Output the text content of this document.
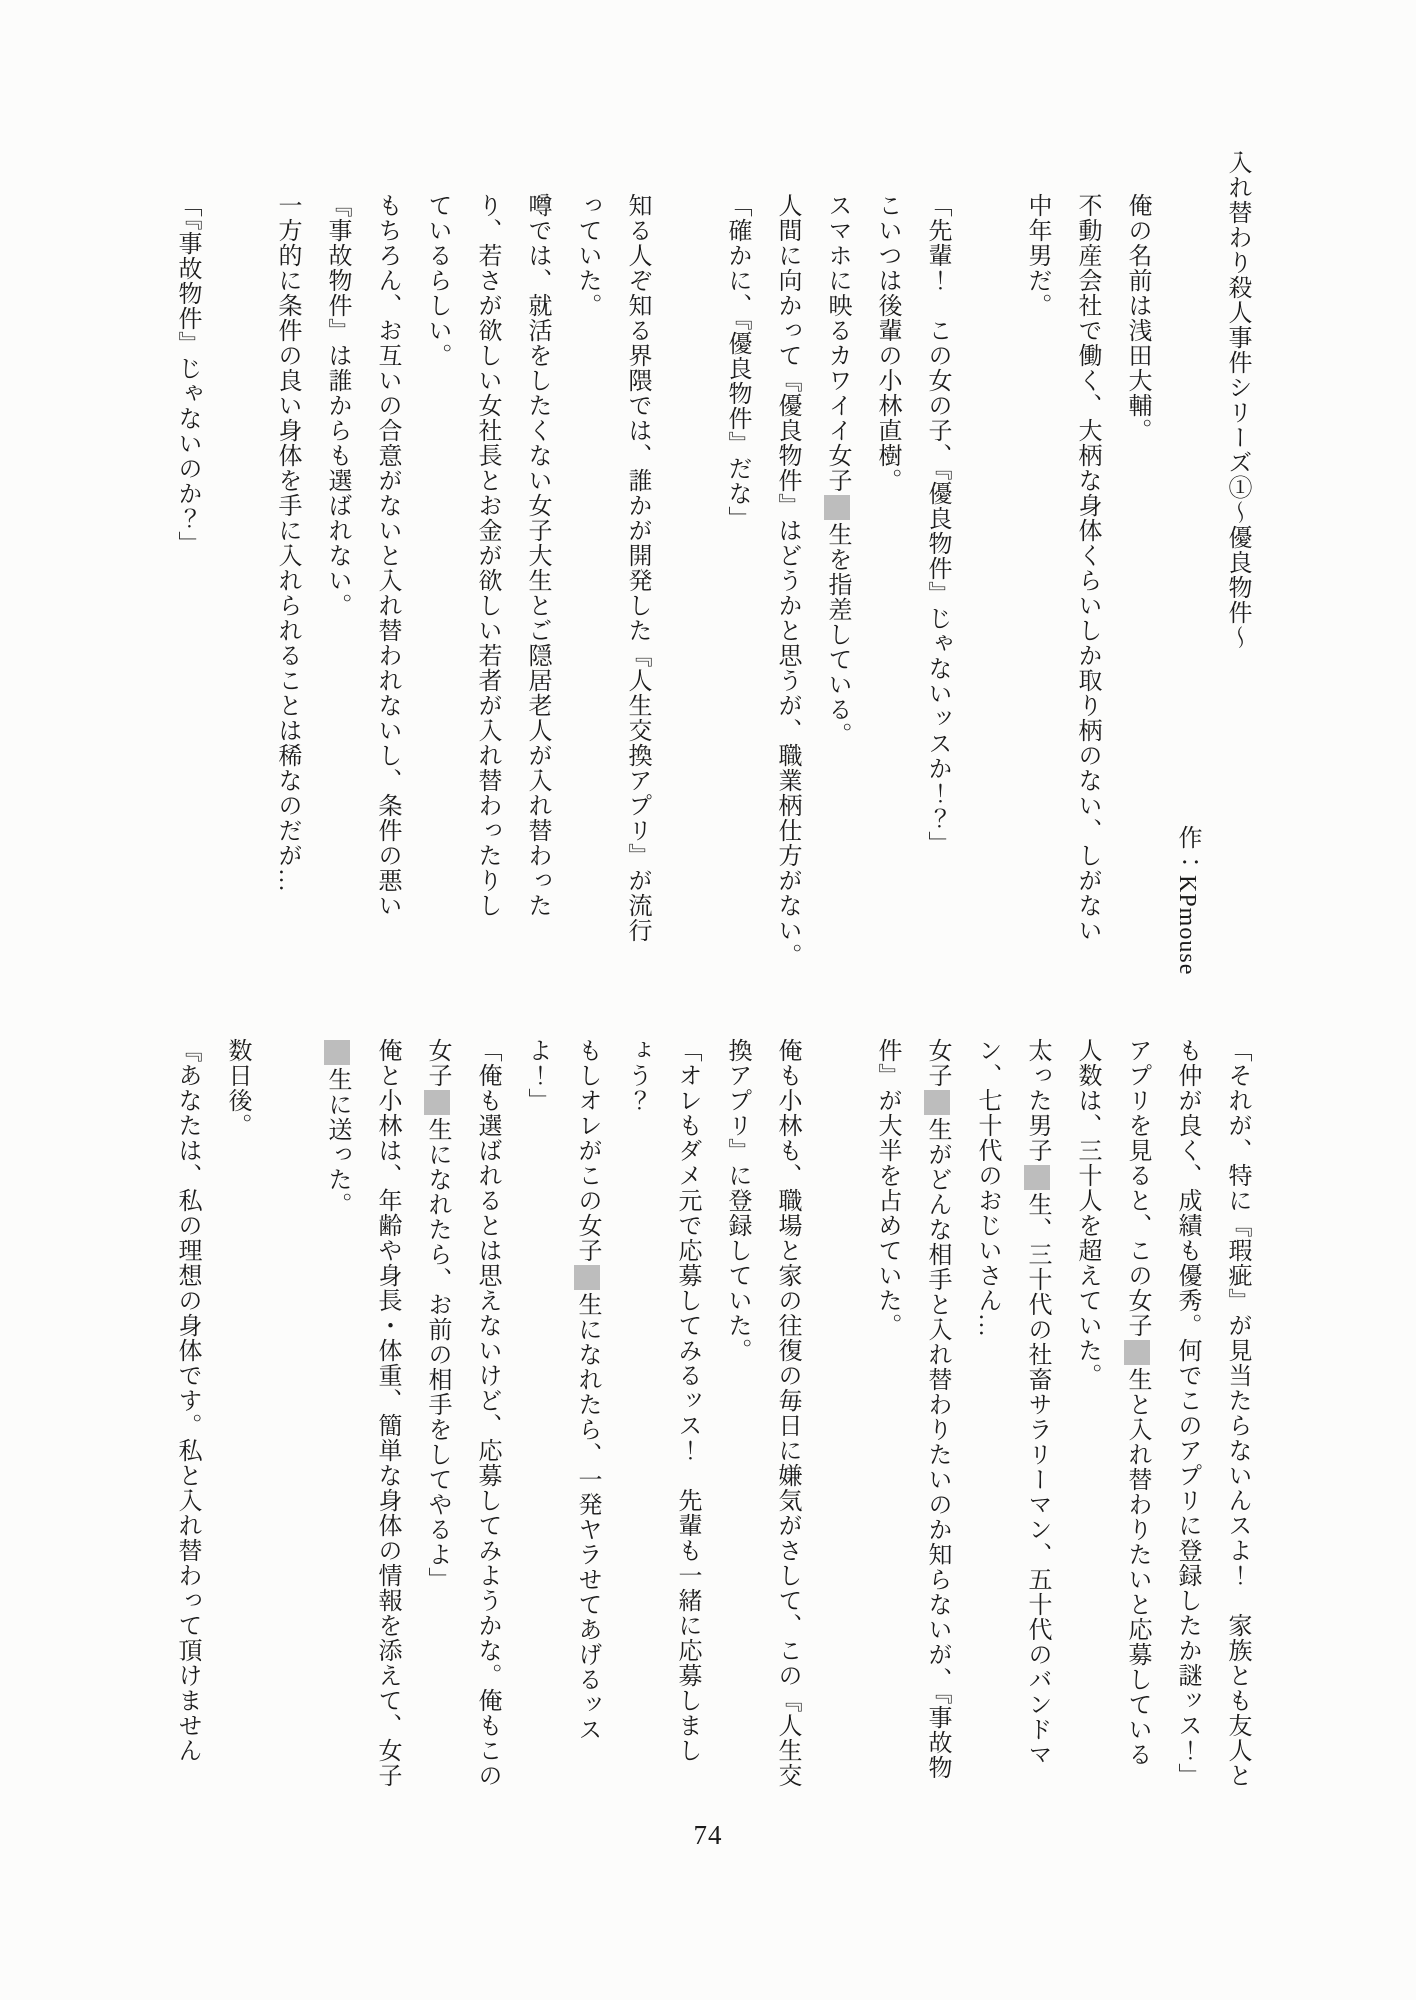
入れ替わり殺人事件シリーズ①～優良物件～
作：KPmouse
俺の名前は浅田大輔。
不動産会社で働く、大柄な身体くらいしか取り柄のない、しがない
中年男だ。
「先輩！　この女の子、『優良物件』じゃないッスか！？」
こいつは後輩の小林直樹。
スマホに映るカワイイ女子生を指差している。
人間に向かって『優良物件』はどうかと思うが、職業柄仕方がない。
「確かに、『優良物件』だな」
知る人ぞ知る界隈では、誰かが開発した『人生交換アプリ』が流行
っていた。
噂では、就活をしたくない女子大生とご隠居老人が入れ替わった
り、若さが欲しい女社長とお金が欲しい若者が入れ替わったりし
ているらしい。
もちろん、お互いの合意がないと入れ替われないし、条件の悪い
『事故物件』は誰からも選ばれない。
一方的に条件の良い身体を手に入れられることは稀なのだが…
「『事故物件』じゃないのか？」
「それが、特に『瑕疵』が見当たらないんスよ！　家族とも友人と
も仲が良く、成績も優秀。何でこのアプリに登録したか謎ッス！」
アプリを見ると、この女子生と入れ替わりたいと応募している
人数は、三十人を超えていた。
太った男子生、三十代の社畜サラリーマン、五十代のバンドマ
ン、七十代のおじいさん…
女子生がどんな相手と入れ替わりたいのか知らないが、『事故物
件』が大半を占めていた。
俺も小林も、職場と家の往復の毎日に嫌気がさして、この『人生交
換アプリ』に登録していた。
「オレもダメ元で応募してみるッス！　先輩も一緒に応募しまし
ょう？
もしオレがこの女子生になれたら、一発ヤラせてあげるッス
よ！」
「俺も選ばれるとは思えないけど、応募してみようかな。俺もこの
女子生になれたら、お前の相手をしてやるよ」
俺と小林は、年齢や身長・体重、簡単な身体の情報を添えて、女子
生に送った。
数日後。
『あなたは、私の理想の身体です。私と入れ替わって頂けません
74
